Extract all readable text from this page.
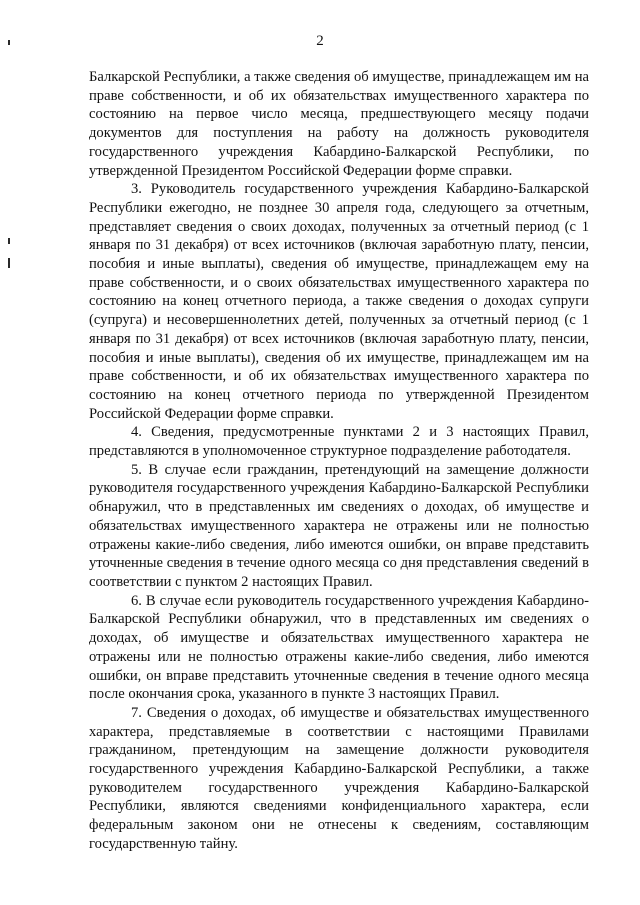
2

Балкарской Республики, а также сведения об имуществе, принадлежащем им на праве собственности, и об их обязательствах имущественного характера по состоянию на первое число месяца, предшествующего месяцу подачи документов для поступления на работу на должность руководителя государственного учреждения Кабардино-Балкарской Республики, по утвержденной Президентом Российской Федерации форме справки.

3. Руководитель государственного учреждения Кабардино-Балкарской Республики ежегодно, не позднее 30 апреля года, следующего за отчетным, представляет сведения о своих доходах, полученных за отчетный период (с 1 января по 31 декабря) от всех источников (включая заработную плату, пенсии, пособия и иные выплаты), сведения об имуществе, принадлежащем ему на праве собственности, и о своих обязательствах имущественного характера по состоянию на конец отчетного периода, а также сведения о доходах супруги (супруга) и несовершеннолетних детей, полученных за отчетный период (с 1 января по 31 декабря) от всех источников (включая заработную плату, пенсии, пособия и иные выплаты), сведения об их имуществе, принадлежащем им на праве собственности, и об их обязательствах имущественного характера по состоянию на конец отчетного периода по утвержденной Президентом Российской Федерации форме справки.

4. Сведения, предусмотренные пунктами 2 и 3 настоящих Правил, представляются в уполномоченное структурное подразделение работодателя.

5. В случае если гражданин, претендующий на замещение должности руководителя государственного учреждения Кабардино-Балкарской Республики обнаружил, что в представленных им сведениях о доходах, об имуществе и обязательствах имущественного характера не отражены или не полностью отражены какие-либо сведения, либо имеются ошибки, он вправе представить уточненные сведения в течение одного месяца со дня представления сведений в соответствии с пунктом 2 настоящих Правил.

6. В случае если руководитель государственного учреждения Кабардино-Балкарской Республики обнаружил, что в представленных им сведениях о доходах, об имуществе и обязательствах имущественного характера не отражены или не полностью отражены какие-либо сведения, либо имеются ошибки, он вправе представить уточненные сведения в течение одного месяца после окончания срока, указанного в пункте 3 настоящих Правил.

7. Сведения о доходах, об имуществе и обязательствах имущественного характера, представляемые в соответствии с настоящими Правилами гражданином, претендующим на замещение должности руководителя государственного учреждения Кабардино-Балкарской Республики, а также руководителем государственного учреждения Кабардино-Балкарской Республики, являются сведениями конфиденциального характера, если федеральным законом они не отнесены к сведениям, составляющим государственную тайну.
